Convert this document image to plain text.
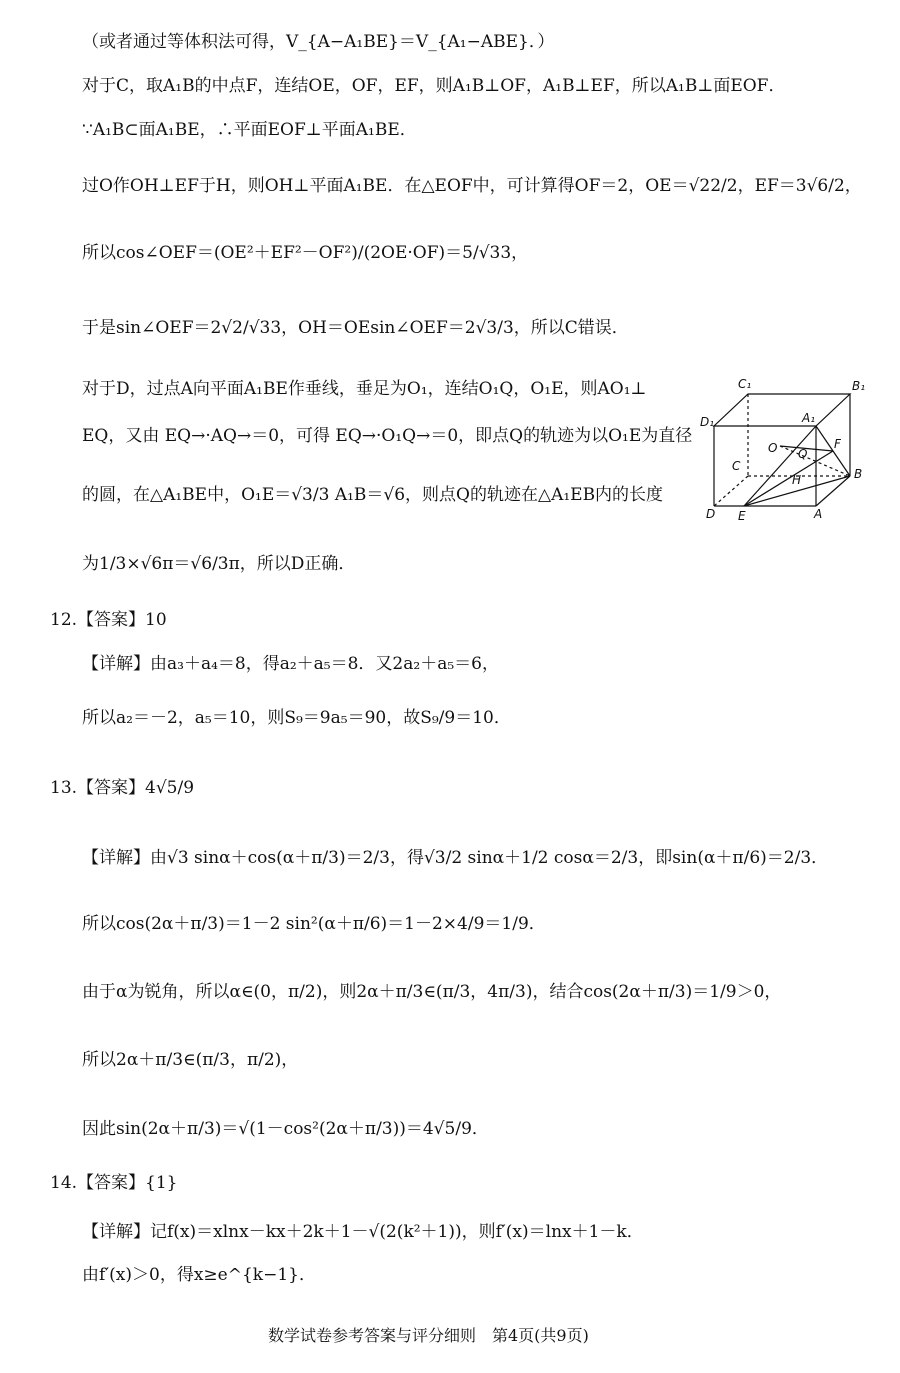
（或者通过等体积法可得，V_{A−A₁BE}＝V_{A₁−ABE}．）
对于C，取A₁B的中点F，连结OE，OF，EF，则A₁B⊥OF，A₁B⊥EF，所以A₁B⊥面EOF．
∵A₁B⊂面A₁BE，∴平面EOF⊥平面A₁BE．
过O作OH⊥EF于H，则OH⊥平面A₁BE．在△EOF中，可计算得OF＝2，OE＝√22/2，EF＝3√6/2，
所以cos∠OEF＝(OE²＋EF²－OF²)/(2OE·OF)＝5/√33，
于是sin∠OEF＝2√2/√33，OH＝OEsin∠OEF＝2√3/3，所以C错误．
对于D，过点A向平面A₁BE作垂线，垂足为O₁，连结O₁Q，O₁E，则AO₁⊥
EQ，又由 EQ→·AQ→＝0，可得 EQ→·O₁Q→＝0，即点Q的轨迹为以O₁E为直径
的圆，在△A₁BE中，O₁E＝√3/3 A₁B＝√6，则点Q的轨迹在△A₁EB内的长度
为1/3×√6π＝√6/3π，所以D正确．
12.【答案】10
【详解】由a₃＋a₄＝8，得a₂＋a₅＝8．又2a₂＋a₅＝6，
所以a₂＝－2，a₅＝10，则S₉＝9a₅＝90，故S₉/9＝10．
13.【答案】4√5/9
【详解】由√3 sinα＋cos(α＋π/3)＝2/3，得√3/2 sinα＋1/2 cosα＝2/3，即sin(α＋π/6)＝2/3．
所以cos(2α＋π/3)＝1－2 sin²(α＋π/6)＝1－2×4/9＝1/9．
由于α为锐角，所以α∈(0，π/2)，则2α＋π/3∈(π/3，4π/3)，结合cos(2α＋π/3)＝1/9＞0，
所以2α＋π/3∈(π/3，π/2)，
因此sin(2α＋π/3)＝√(1－cos²(2α＋π/3))＝4√5/9．
14.【答案】{1}
【详解】记f(x)＝xlnx－kx＋2k＋1－√(2(k²＋1))，则f′(x)＝lnx＋1－k．
由f′(x)＞0，得x≥e^{k−1}．
数学试卷参考答案与评分细则　第4页(共9页)
C₁	B₁
D₁	A₁
O Q
F
C
B
H
D E	A
